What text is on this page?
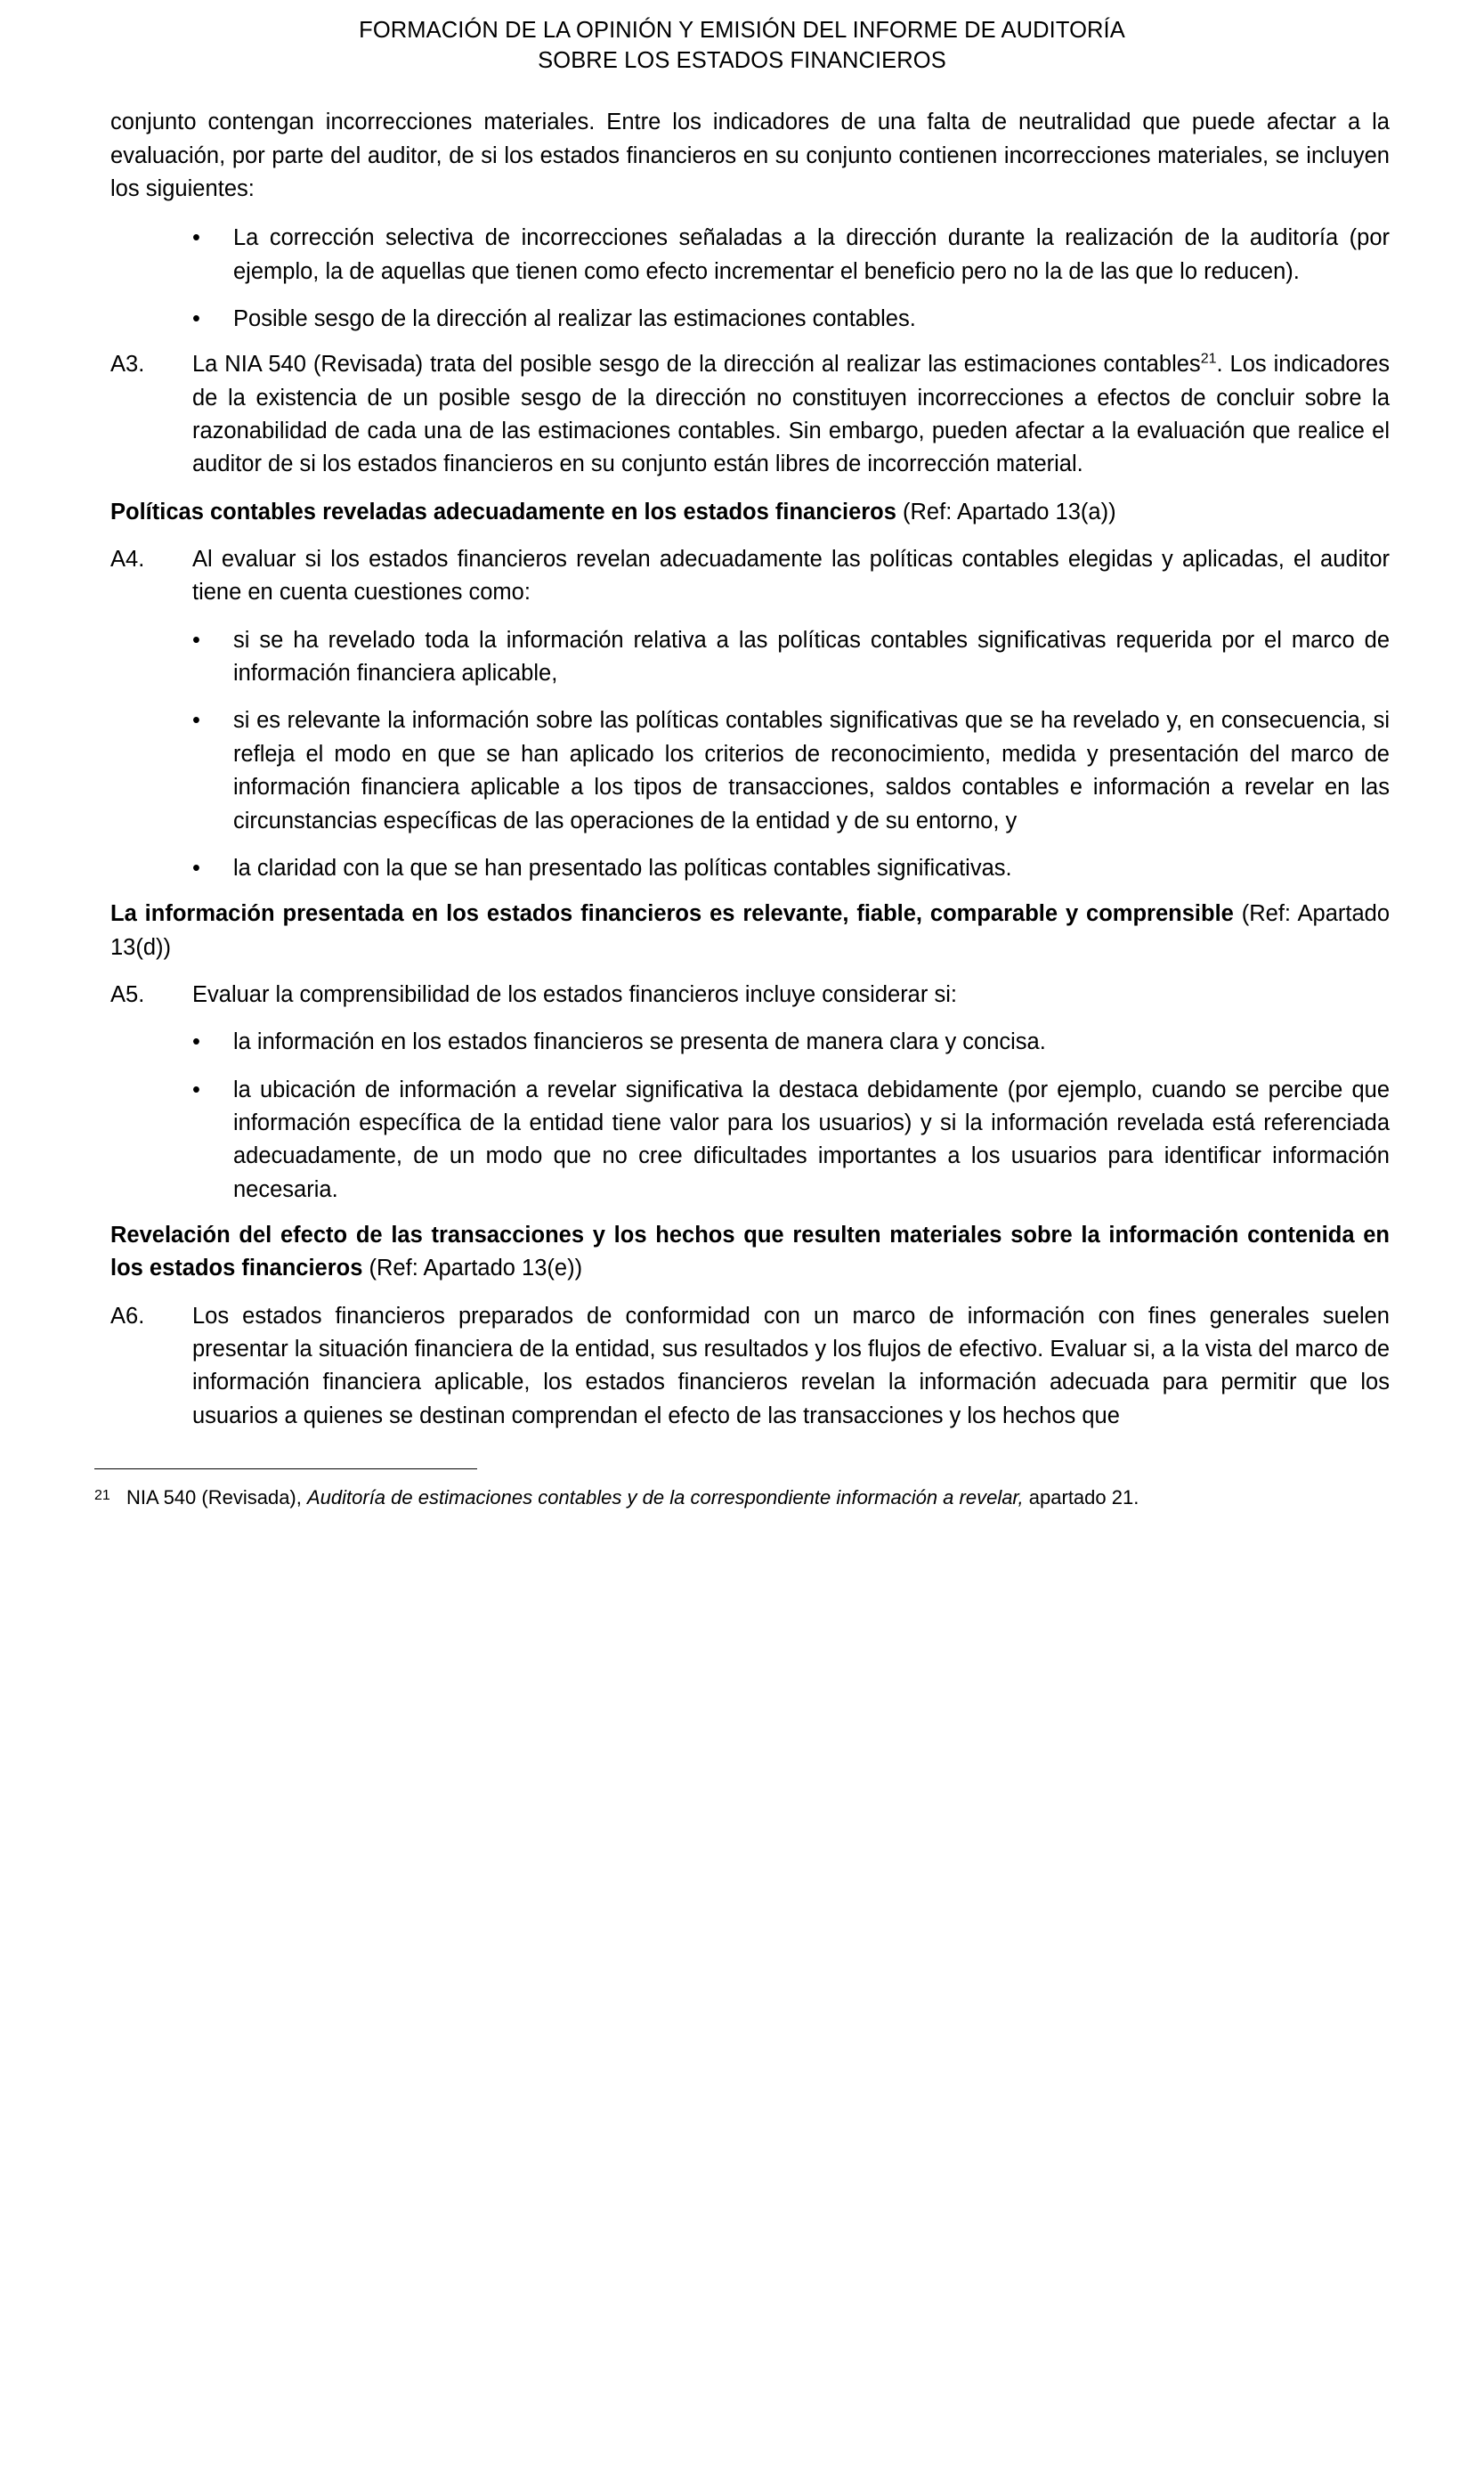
FORMACIÓN DE LA OPINIÓN Y EMISIÓN DEL INFORME DE AUDITORÍA
SOBRE LOS ESTADOS FINANCIEROS

conjunto contengan incorrecciones materiales. Entre los indicadores de una falta de neutralidad que puede afectar a la evaluación, por parte del auditor, de si los estados financieros en su conjunto contienen incorrecciones materiales, se incluyen los siguientes:

•	La corrección selectiva de incorrecciones señaladas a la dirección durante la realización de la auditoría (por ejemplo, la de aquellas que tienen como efecto incrementar el beneficio pero no la de las que lo reducen).
•	Posible sesgo de la dirección al realizar las estimaciones contables.
A3.	La NIA 540 (Revisada) trata del posible sesgo de la dirección al realizar las estimaciones contables$^{21}$. Los indicadores de la existencia de un posible sesgo de la dirección no constituyen incorrecciones a efectos de concluir sobre la razonabilidad de cada una de las estimaciones contables. Sin embargo, pueden afectar a la evaluación que realice el auditor de si los estados financieros en su conjunto están libres de incorrección material.
Políticas contables reveladas adecuadamente en los estados financieros (Ref: Apartado 13(a))
A4.	Al evaluar si los estados financieros revelan adecuadamente las políticas contables elegidas y aplicadas, el auditor tiene en cuenta cuestiones como:
•	si se ha revelado toda la información relativa a las políticas contables significativas requerida por el marco de información financiera aplicable,
•	si es relevante la información sobre las políticas contables significativas que se ha revelado y, en consecuencia, si refleja el modo en que se han aplicado los criterios de reconocimiento, medida y presentación del marco de información financiera aplicable a los tipos de transacciones, saldos contables e información a revelar en las circunstancias específicas de las operaciones de la entidad y de su entorno, y
•	la claridad con la que se han presentado las políticas contables significativas.
La información presentada en los estados financieros es relevante, fiable, comparable y comprensible (Ref: Apartado 13(d))
A5.	Evaluar la comprensibilidad de los estados financieros incluye considerar si:
•	la información en los estados financieros se presenta de manera clara y concisa.
•	la ubicación de información a revelar significativa la destaca debidamente (por ejemplo, cuando se percibe que información específica de la entidad tiene valor para los usuarios) y si la información revelada está referenciada adecuadamente, de un modo que no cree dificultades importantes a los usuarios para identificar información necesaria.
Revelación del efecto de las transacciones y los hechos que resulten materiales sobre la información contenida en los estados financieros (Ref: Apartado 13(e))
A6.	Los estados financieros preparados de conformidad con un marco de información con fines generales suelen presentar la situación financiera de la entidad, sus resultados y los flujos de efectivo. Evaluar si, a la vista del marco de información financiera aplicable, los estados financieros revelan la información adecuada para permitir que los usuarios a quienes se destinan comprendan el efecto de las transacciones y los hechos que
21 NIA 540 (Revisada), Auditoría de estimaciones contables y de la correspondiente información a revelar, apartado 21.
